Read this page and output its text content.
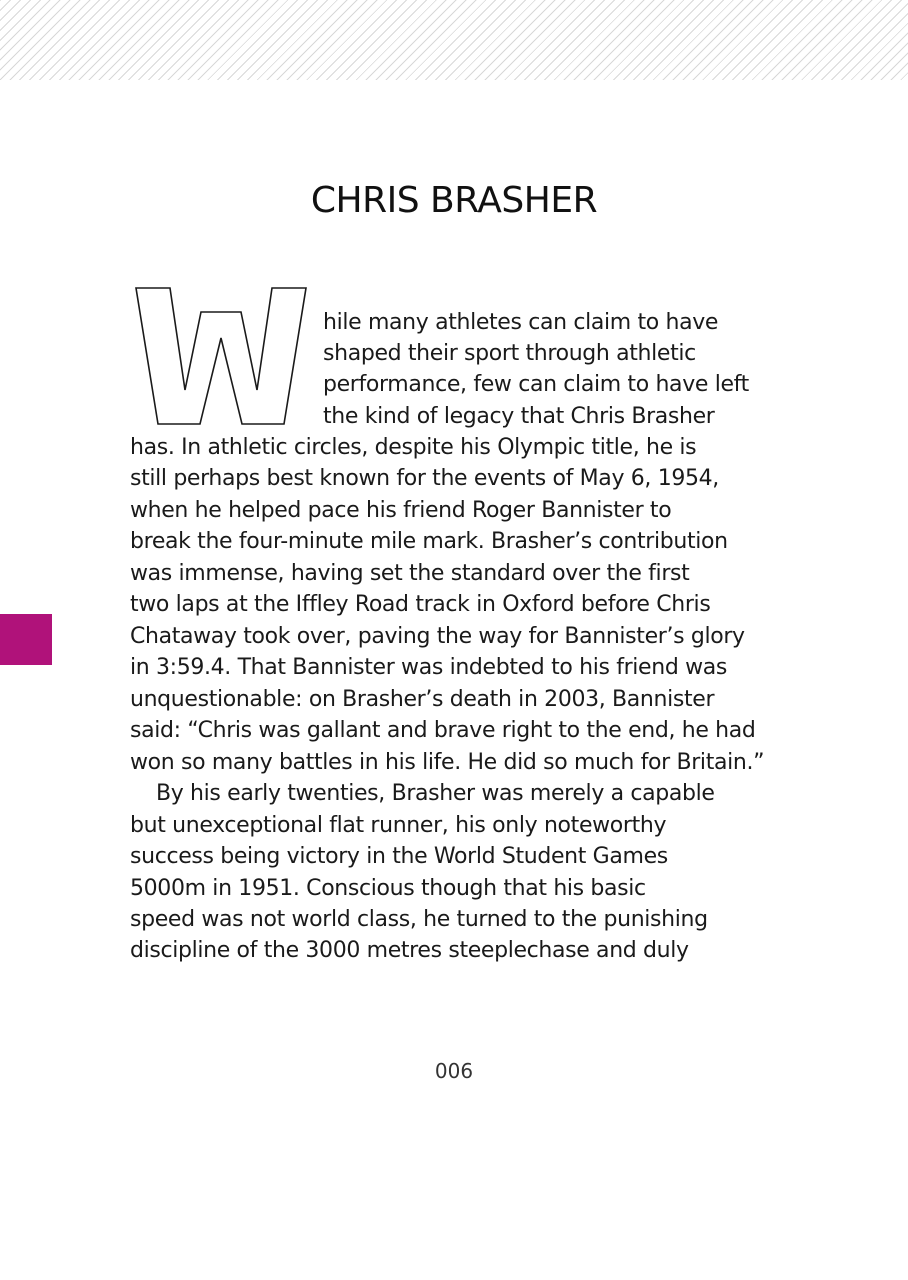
CHRIS BRASHER
hile many athletes can claim to have
shaped their sport through athletic
performance, few can claim to have left
the kind of legacy that Chris Brasher
has. In athletic circles, despite his Olympic title, he is
still perhaps best known for the events of May 6, 1954,
when he helped pace his friend Roger Bannister to
break the four-minute mile mark. Brasher’s contribution
was immense, having set the standard over the first
two laps at the Iffley Road track in Oxford before Chris
Chataway took over, paving the way for Bannister’s glory
in 3:59.4. That Bannister was indebted to his friend was
unquestionable: on Brasher’s death in 2003, Bannister
said: “Chris was gallant and brave right to the end, he had
won so many battles in his life. He did so much for Britain.”
By his early twenties, Brasher was merely a capable
but unexceptional flat runner, his only noteworthy
success being victory in the World Student Games
5000m in 1951. Conscious though that his basic
speed was not world class, he turned to the punishing
discipline of the 3000 metres steeplechase and duly
006
